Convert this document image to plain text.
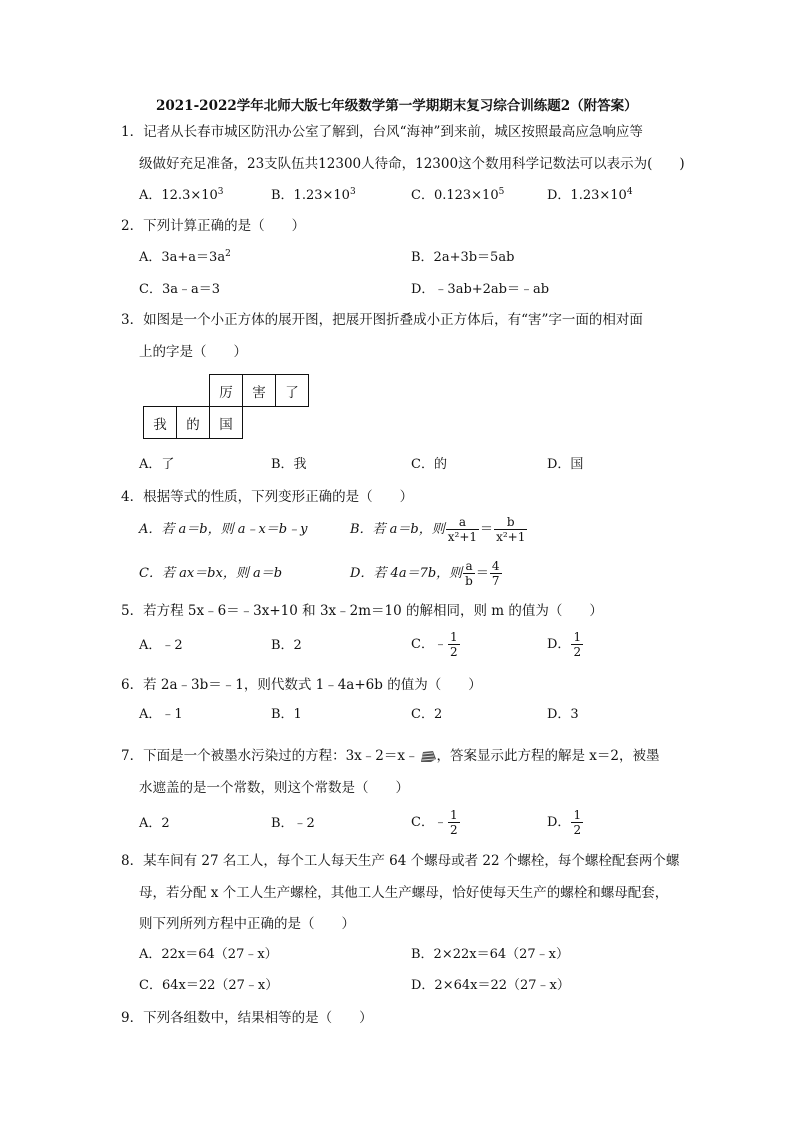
2021-2022学年北师大版七年级数学第一学期期末复习综合训练题2（附答案）
1．记者从长春市城区防汛办公室了解到，台风“海神”到来前，城区按照最高应急响应等
级做好充足准备，23支队伍共12300人待命，12300这个数用科学记数法可以表示为(　　)
A．$12.3\times 10^3$	B．$1.23\times 10^3$	C．$0.123\times 10^5$	D．$1.23\times 10^4$
2．下列计算正确的是（　　）
A．$3a+a=3a^2$	B．2a+3b＝5ab
C．3a﹣a＝3	D．﹣3ab+2ab＝﹣ab
3．如图是一个小正方体的展开图，把展开图折叠成小正方体后，有“害”字一面的相对面
上的字是（　　）
		厉	害	了
我	的	国		
A．了	B．我	C．的	D．国
4．根据等式的性质，下列变形正确的是（　　）
A．若 a＝b，则 a﹣x＝b﹣y	B．若 a＝b，则 $\frac{a}{\text{x²+1}} = \frac{b}{\text{x²+1}}$
C．若 ax＝bx，则 a＝b	D．若 4a＝7b，则 $\frac{a}{b} = \frac{4}{7}$
5．若方程 5x﹣6＝﹣3x+10 和 3x﹣2m＝10 的解相同，则 m 的值为（　　）
A．﹣2	B．2	C．﹣ $\frac{1}{2}$	D． $\frac{1}{2}$
6．若 2a﹣3b＝﹣1，则代数式 1﹣4a+6b 的值为（　　）
A．﹣1	B．1	C．2	D．3
7．下面是一个被墨水污染过的方程：3x﹣2＝x﹣ ，答案显示此方程的解是 x＝2，被墨
水遮盖的是一个常数，则这个常数是（　　）
A．2	B．﹣2	C．﹣ $\frac{1}{2}$	D． $\frac{1}{2}$
8．某车间有 27 名工人，每个工人每天生产 64 个螺母或者 22 个螺栓，每个螺栓配套两个螺
母，若分配 x 个工人生产螺栓，其他工人生产螺母，恰好使每天生产的螺栓和螺母配套，
则下列所列方程中正确的是（　　）
A．22x＝64（27﹣x）	B．2×22x＝64（27﹣x）
C．64x＝22（27﹣x）	D．2×64x＝22（27﹣x）
9．下列各组数中，结果相等的是（　　）
